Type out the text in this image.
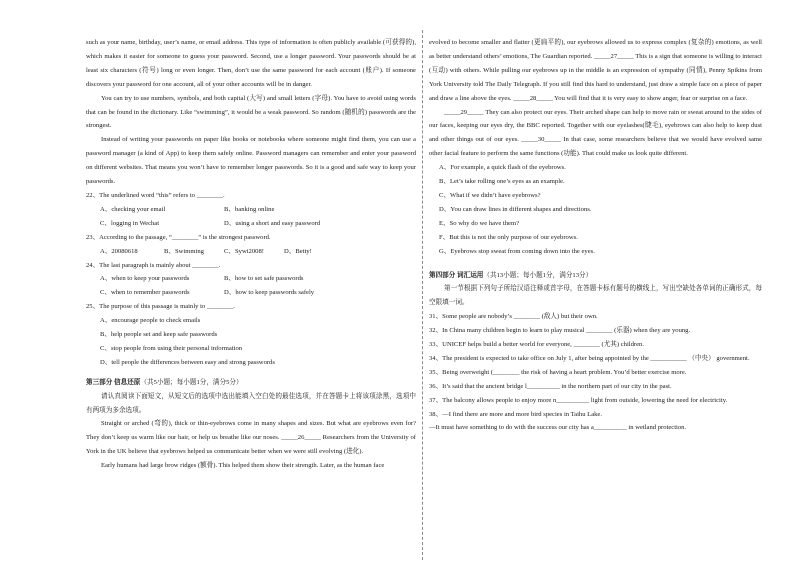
such as your name, birthday, user’s name, or email address. This type of information is often publicly available (可获得的), which makes it easier for someone to guess your password. Second, use a longer password. Your passwords should be at least six characters (符号) long or even longer. Then, don’t use the same password for each account (账户). If someone discovers your password for one account, all of your other accounts will be in danger.

You can try to use numbers, symbols, and both capital (大写) and small letters (字母). You have to avoid using words that can be found in the dictionary. Like “swimming”, it would be a weak password. So random (随机的) passwords are the strongest.

Instead of writing your passwords on paper like books or notebooks where someone might find them, you can use a password manager (a kind of App) to keep them safely online. Password managers can remember and enter your password on different websites. That means you won’t have to remember longer passwords. So it is a good and safe way to keep your passwords.

22、The underlined word “this” refers to ________.

A、checking your email	B、banking online
C、logging in Wechat	D、using a short and easy password

23、According to the passage, “________” is the strongest password.

A、20080618	B、Swimming	C、Sywi2008!	D、Betty!

24、The last paragraph is mainly about ________.

A、when to keep your passwords	B、how to set safe passwords
C、when to remember passwords	D、how to keep passwords safely

25、The purpose of this passage is mainly to ________.

A、encourage people to check emails

B、help people set and keep safe passwords

C、stop people from using their personal information

D、tell people the differences between easy and strong passwords

第三部分 信息还原（共5小题；每小题1分，满分5分）

请认真阅读下面短文，从短文后的选项中选出能填入空白处的最佳选项，并在答题卡上将该项涂黑，选项中有两项为多余选项。

Straight or arched (弯的), thick or thin-eyebrows come in many shapes and sizes. But what are eyebrows even for? They don’t keep us warm like our hair, or help us breathe like our noses. _____26_____ Researchers from the University of York in the UK believe that eyebrows helped us communicate better when we were still evolving (进化).

Early humans had large brow ridges (额骨). This helped them show their strength. Later, as the human face

evolved to become smaller and flatter (更扁平的), our eyebrows allowed us to express complex (复杂的) emotions, as well as better understand others’ emotions, The Guardian reported. _____27_____ This is a sign that someone is willing to interact (互动) with others. While pulling our eyebrows up in the middle is an expression of sympathy (同情), Penny Spikins from York University told The Daily Telegraph. If you still find this hard to understand, just draw a simple face on a piece of paper and draw a line above the eyes. _____28_____ You will find that it is very easy to show anger, fear or surprise on a face.

_____29_____ They can also protect our eyes. Their arched shape can help to move rain or sweat around to the sides of our faces, keeping our eyes dry, the BBC reported. Together with our eyelashes(睫毛), eyebrows can also help to keep dust and other things out of our eyes. _____30_____ In that case, some researchers believe that we would have evolved same other facial feature to perform the same functions (功能). That could make us look quite different.

A、For example, a quick flash of the eyebrows.

B、Let’s take rolling one’s eyes as an example.

C、What if we didn’t have eyebrows?

D、You can draw lines in different shapes and directions.

E、So why do we have them?

F、But this is not the only purpose of our eyebrows.

G、Eyebrows stop sweat from coming down into the eyes.

第四部分 词汇运用（共13小题；每小题1分，满分13分）

第一节根据下列句子所给汉语注释或首字母，在答题卡标有题号的横线上，写出空缺处各单词的正确形式，每空限填一词。

31、Some people are nobody’s ________ (敌人) but their own.

32、In China many children begin to learn to play musical ________ (乐器) when they are young.

33、UNICEF helps build a better world for everyone, ________ (尤其) children.

34、The president is expected to take office on July 1, after being appointed by the ___________ （中央） government.

35、Being overweight (________ the risk of having a heart problem. You’d better exercise more.

36、It’s said that the ancient bridge l__________ in the northern part of our city in the past.

37、The balcony allows people to enjoy more n__________ light from outside, lowering the need for electricity.

38、—I find there are more and more bird species in Taihu Lake.

—It must have something to do with the success our city has a__________ in wetland protection.
